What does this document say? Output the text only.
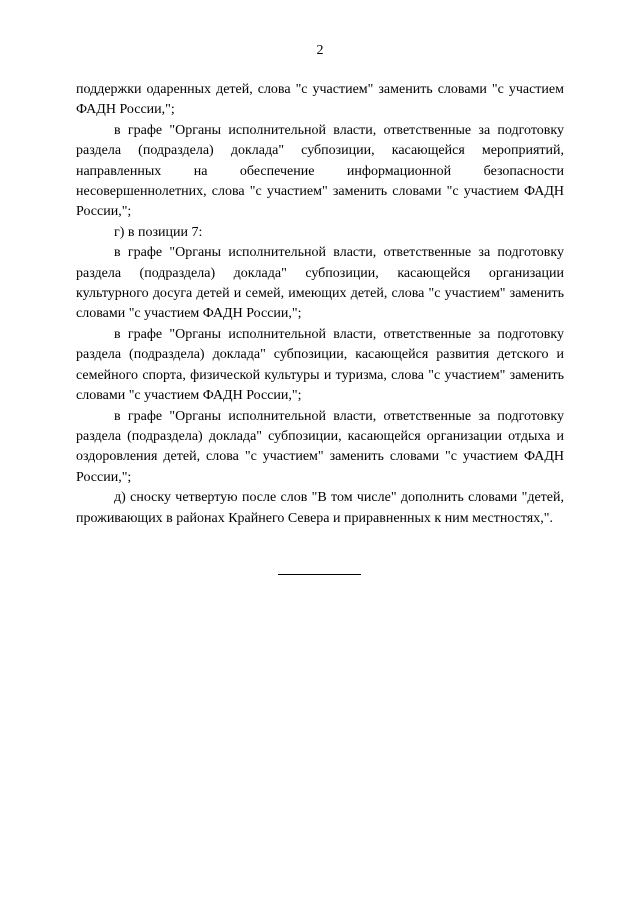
2

поддержки одаренных детей, слова "с участием" заменить словами "с участием ФАДН России,";

в графе "Органы исполнительной власти, ответственные за подготовку раздела (подраздела) доклада" субпозиции, касающейся мероприятий, направленных на обеспечение информационной безопасности несовершеннолетних, слова "с участием" заменить словами "с участием ФАДН России,";

г) в позиции 7:

в графе "Органы исполнительной власти, ответственные за подготовку раздела (подраздела) доклада" субпозиции, касающейся организации культурного досуга детей и семей, имеющих детей, слова "с участием" заменить словами "с участием ФАДН России,";

в графе "Органы исполнительной власти, ответственные за подготовку раздела (подраздела) доклада" субпозиции, касающейся развития детского и семейного спорта, физической культуры и туризма, слова "с участием" заменить словами "с участием ФАДН России,";

в графе "Органы исполнительной власти, ответственные за подготовку раздела (подраздела) доклада" субпозиции, касающейся организации отдыха и оздоровления детей, слова "с участием" заменить словами "с участием ФАДН России,";

д) сноску четвертую после слов "В том числе" дополнить словами "детей, проживающих в районах Крайнего Севера и приравненных к ним местностях,".
